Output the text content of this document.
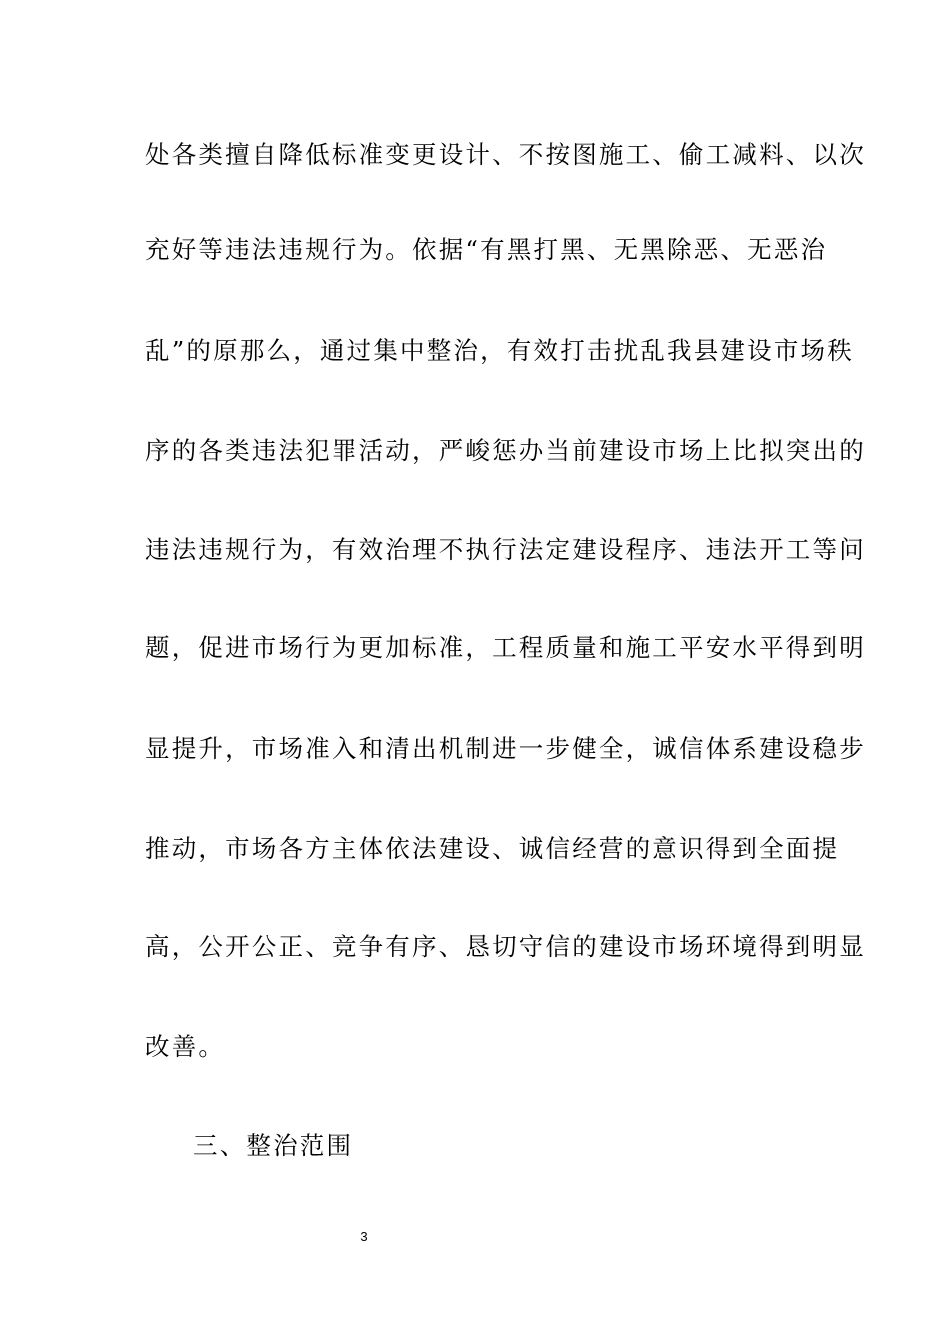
处各类擅自降低标准变更设计、不按图施工、偷工减料、以次
充好等违法违规行为。依据“有黑打黑、无黑除恶、无恶治
乱”的原那么，通过集中整治，有效打击扰乱我县建设市场秩
序的各类违法犯罪活动，严峻惩办当前建设市场上比拟突出的
违法违规行为，有效治理不执行法定建设程序、违法开工等问
题，促进市场行为更加标准，工程质量和施工平安水平得到明
显提升，市场准入和清出机制进一步健全，诚信体系建设稳步
推动，市场各方主体依法建设、诚信经营的意识得到全面提
高，公开公正、竞争有序、恳切守信的建设市场环境得到明显
改善。
三、整治范围
3
